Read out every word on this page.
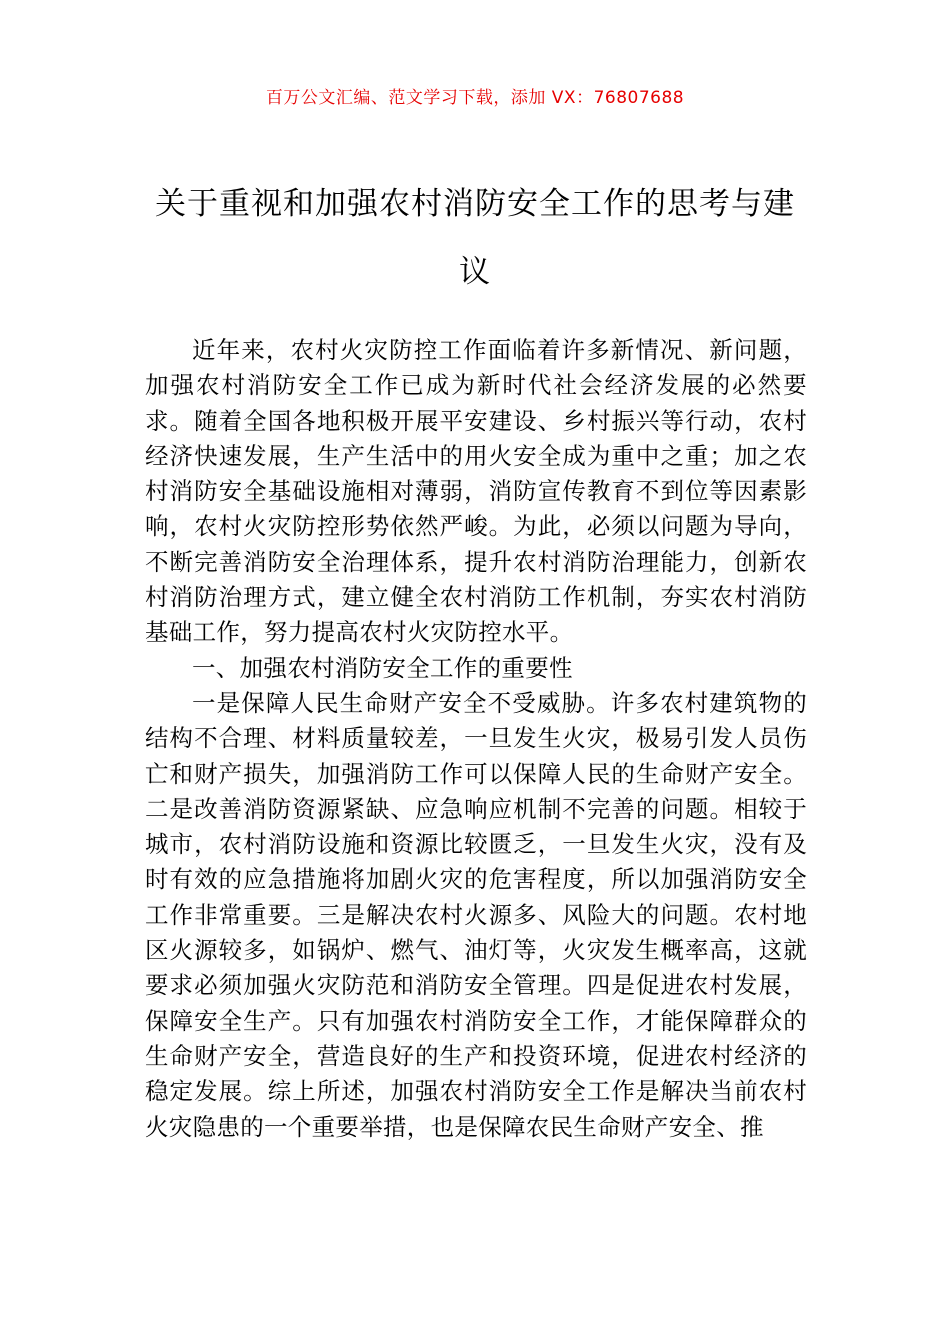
百万公文汇编、范文学习下载，添加 VX：76807688
关于重视和加强农村消防安全工作的思考与建议

近年来，农村火灾防控工作面临着许多新情况、新问题，加强农村消防安全工作已成为新时代社会经济发展的必然要求。随着全国各地积极开展平安建设、乡村振兴等行动，农村经济快速发展，生产生活中的用火安全成为重中之重；加之农村消防安全基础设施相对薄弱，消防宣传教育不到位等因素影响，农村火灾防控形势依然严峻。为此，必须以问题为导向，不断完善消防安全治理体系，提升农村消防治理能力，创新农村消防治理方式，建立健全农村消防工作机制，夯实农村消防基础工作，努力提高农村火灾防控水平。

一、加强农村消防安全工作的重要性

一是保障人民生命财产安全不受威胁。许多农村建筑物的结构不合理、材料质量较差，一旦发生火灾，极易引发人员伤亡和财产损失，加强消防工作可以保障人民的生命财产安全。二是改善消防资源紧缺、应急响应机制不完善的问题。相较于城市，农村消防设施和资源比较匮乏，一旦发生火灾，没有及时有效的应急措施将加剧火灾的危害程度，所以加强消防安全工作非常重要。三是解决农村火源多、风险大的问题。农村地区火源较多，如锅炉、燃气、油灯等，火灾发生概率高，这就要求必须加强火灾防范和消防安全管理。四是促进农村发展，保障安全生产。只有加强农村消防安全工作，才能保障群众的生命财产安全，营造良好的生产和投资环境，促进农村经济的稳定发展。综上所述，加强农村消防安全工作是解决当前农村火灾隐患的一个重要举措，也是保障农民生命财产安全、推
